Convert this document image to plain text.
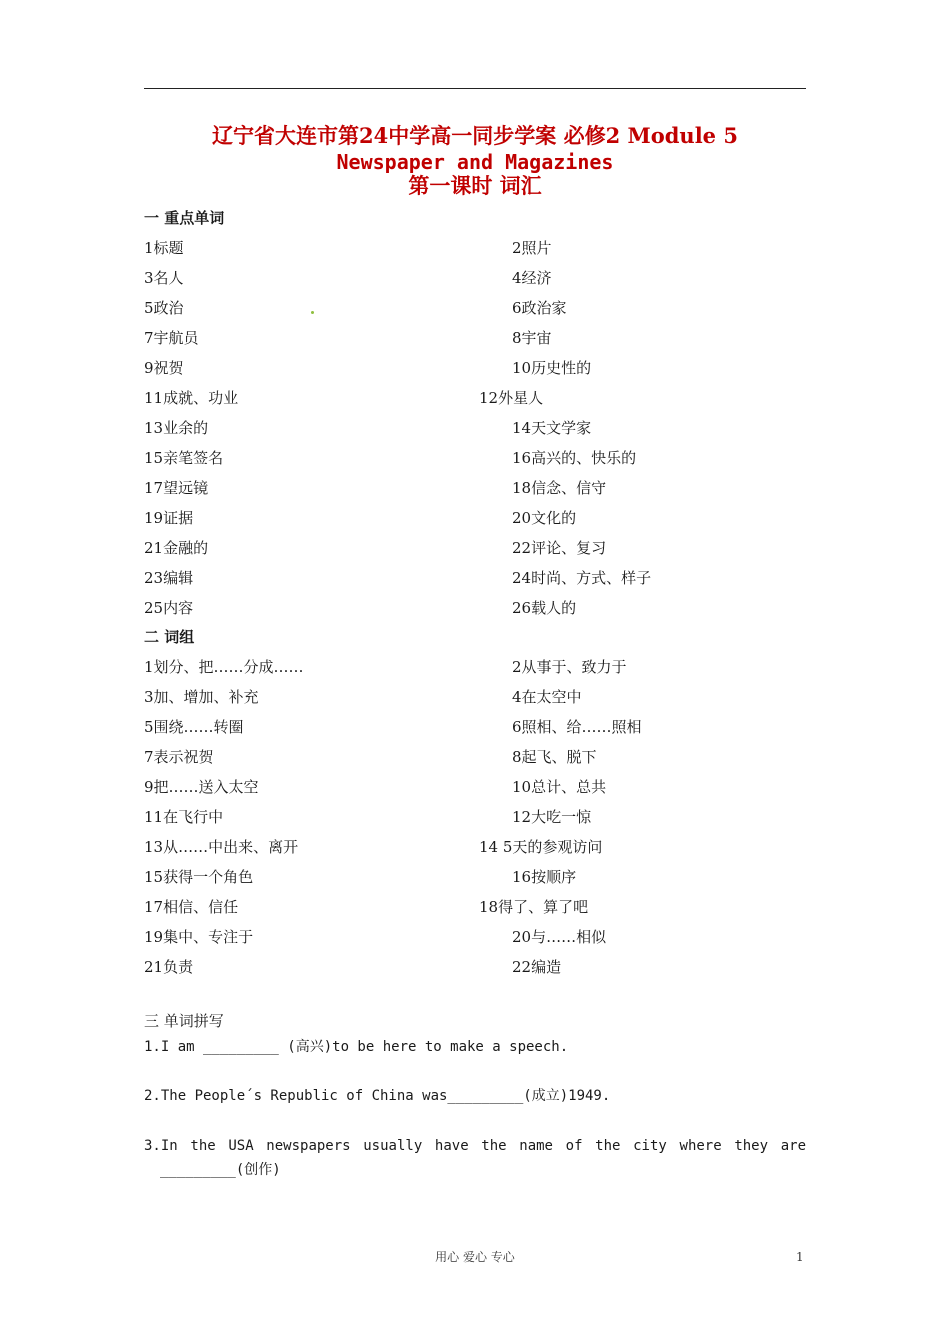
辽宁省大连市第24中学高一同步学案 必修2 Module 5
Newspaper and Magazines
第一课时 词汇
一 重点单词
1标题
3名人
5政治
7宇航员
9祝贺
11成就、功业
13业余的
15亲笔签名
17望远镜
19证据
21金融的
23编辑
25内容
2照片
4经济
6政治家
8宇宙
10历史性的
12外星人
14天文学家
16高兴的、快乐的
18信念、信守
20文化的
22评论、复习
24时尚、方式、样子
26载人的
二 词组
1划分、把……分成……
3加、增加、补充
5围绕……转圈
7表示祝贺
9把……送入太空
11在飞行中
13从……中出来、离开
15获得一个角色
17相信、信任
19集中、专注于
21负责
2从事于、致力于
4在太空中
6照相、给……照相
8起飞、脱下
10总计、总共
12大吃一惊
14 5天的参观访问
16按顺序
18得了、算了吧
20与……相似
22编造
三 单词拼写
1.I am _________ (高兴)to be here to make a speech.
2.The People´s Republic of China was_________(成立)1949.
3.In the USA newspapers usually have the name of the city where they are
_________(创作)
用心 爱心 专心	1
